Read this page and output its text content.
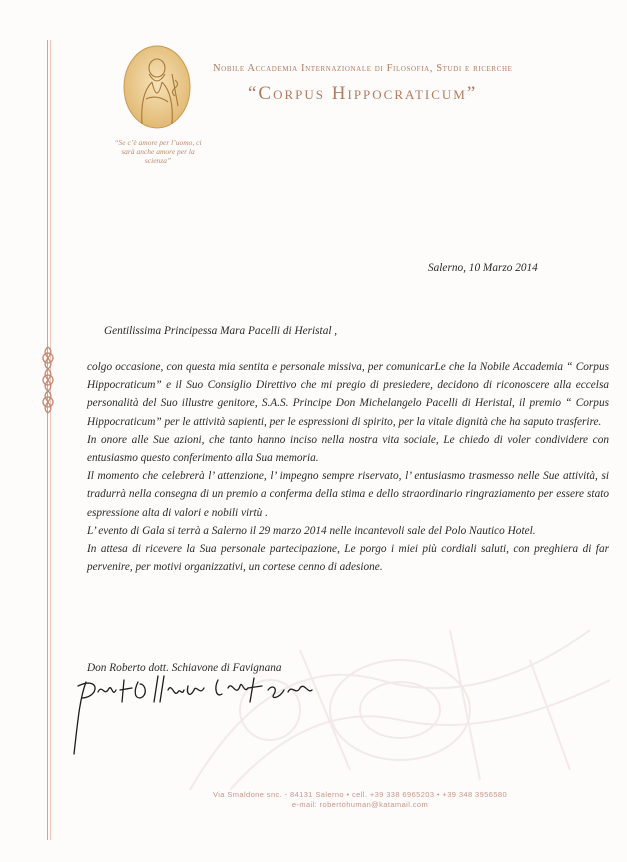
“Se c’è amore per l’uomo, ci sarà anche amore per la scienza”
Nobile Accademia Internazionale di Filosofia, Studi e ricerche
“Corpus Hippocraticum”
Salerno, 10 Marzo 2014
Gentilissima Principessa Mara Pacelli di Heristal ,

colgo occasione, con questa mia sentita e personale missiva, per comunicarLe che la Nobile Accademia “ Corpus Hippocraticum” e il Suo Consiglio Direttivo che mi pregio di presiedere, decidono di riconoscere alla eccelsa personalità del Suo illustre genitore, S.A.S. Principe Don Michelangelo Pacelli di Heristal, il premio “ Corpus Hippocraticum” per le attività sapienti, per le espressioni di spirito, per la vitale dignità che ha saputo trasferire.

In onore alle Sue azioni, che tanto hanno inciso nella nostra vita sociale, Le chiedo di voler condividere con entusiasmo questo conferimento alla Sua memoria.

Il momento che celebrerà l’ attenzione, l’ impegno sempre riservato, l’ entusiasmo trasmesso nelle Sue attività, si tradurrà nella consegna di un premio a conferma della stima e dello straordinario ringraziamento per essere stato espressione alta di valori e nobili virtù .

L’ evento di Gala si terrà a Salerno il 29 marzo 2014 nelle incantevoli sale del Polo Nautico Hotel.

In attesa di ricevere la Sua personale partecipazione, Le porgo i miei più cordiali saluti, con preghiera di far pervenire, per motivi organizzativi, un cortese cenno di adesione.

Don Roberto dott. Schiavone di Favignana
Via Smaldone snc. - 84131 Salerno • cell. +39 338 6965203 • +39 348 3956580
e-mail: robertohuman@katamail.com
